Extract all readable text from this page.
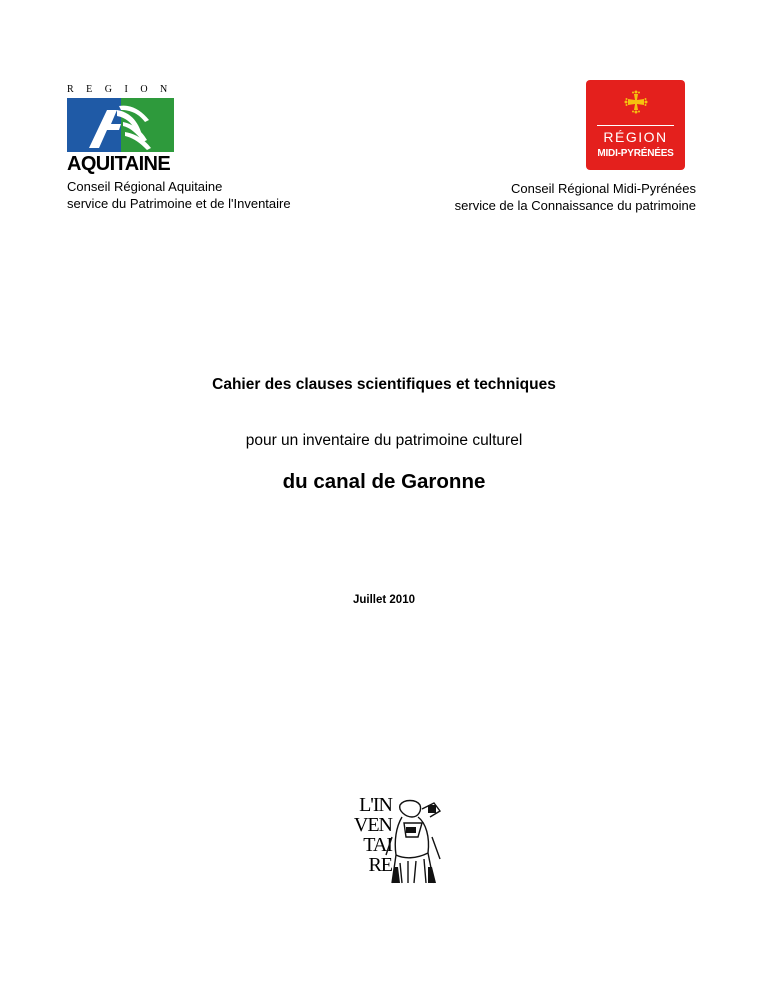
REGION
AQUITAINE
RÉGION
MIDI-PYRÉNÉES
Conseil Régional Aquitaine
service du Patrimoine et de l'Inventaire
Conseil Régional Midi-Pyrénées
service de la Connaissance du patrimoine
Cahier des clauses scientifiques et techniques
pour un inventaire du patrimoine culturel
du canal de Garonne
Juillet 2010
L'IN
VEN
TAI
RE
